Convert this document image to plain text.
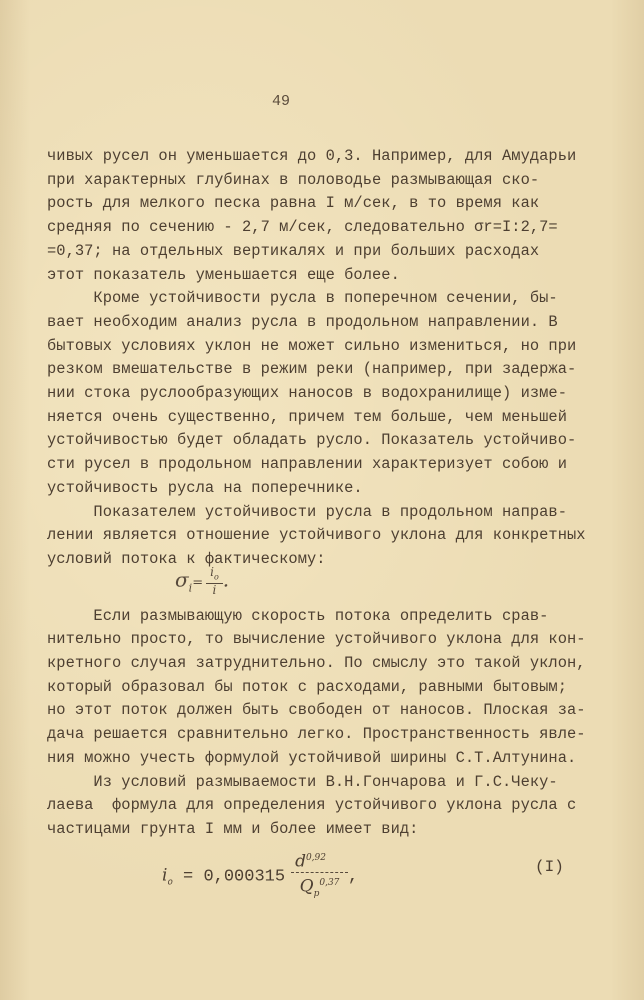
49
чивых русел он уменьшается до 0,3. Например, для Амударьи
при характерных глубинах в половодье размывающая ско-
рость для мелкого песка равна I м/сек, в то время как
средняя по сечению - 2,7 м/сек, следовательно σr=I:2,7=
=0,37; на отдельных вертикалях и при больших расходах
этот показатель уменьшается еще более.
Кроме устойчивости русла в поперечном сечении, бы-
вает необходим анализ русла в продольном направлении. В
бытовых условиях уклон не может сильно измениться, но при
резком вмешательстве в режим реки (например, при задержа-
нии стока руслообразующих наносов в водохранилище) изме-
няется очень существенно, причем тем больше, чем меньшей
устойчивостью будет обладать русло. Показатель устойчиво-
сти русел в продольном направлении характеризует собою и
устойчивость русла на поперечнике.
Показателем устойчивости русла в продольном направ-
лении является отношение устойчивого уклона для конкретных
условий потока к фактическому:
Если размывающую скорость потока определить срав-
нительно просто, то вычисление устойчивого уклона для кон-
кретного случая затруднительно. По смыслу это такой уклон,
который образовал бы поток с расходами, равными бытовым;
но этот поток должен быть свободен от наносов. Плоская за-
дача решается сравнительно легко. Пространственность явле-
ния можно учесть формулой устойчивой ширины С.Т.Алтунина.
Из условий размываемости В.Н.Гончарова и Г.С.Чеку-
лаева  формула для определения устойчивого уклона русла с
частицами грунта I мм и более имеет вид:
$\sigma_i= \frac{i_o}{i}$ .
$i_o = 0,000315 \frac{d^{0,92}}{Q_p^{0,37}}$ ,
(I)
